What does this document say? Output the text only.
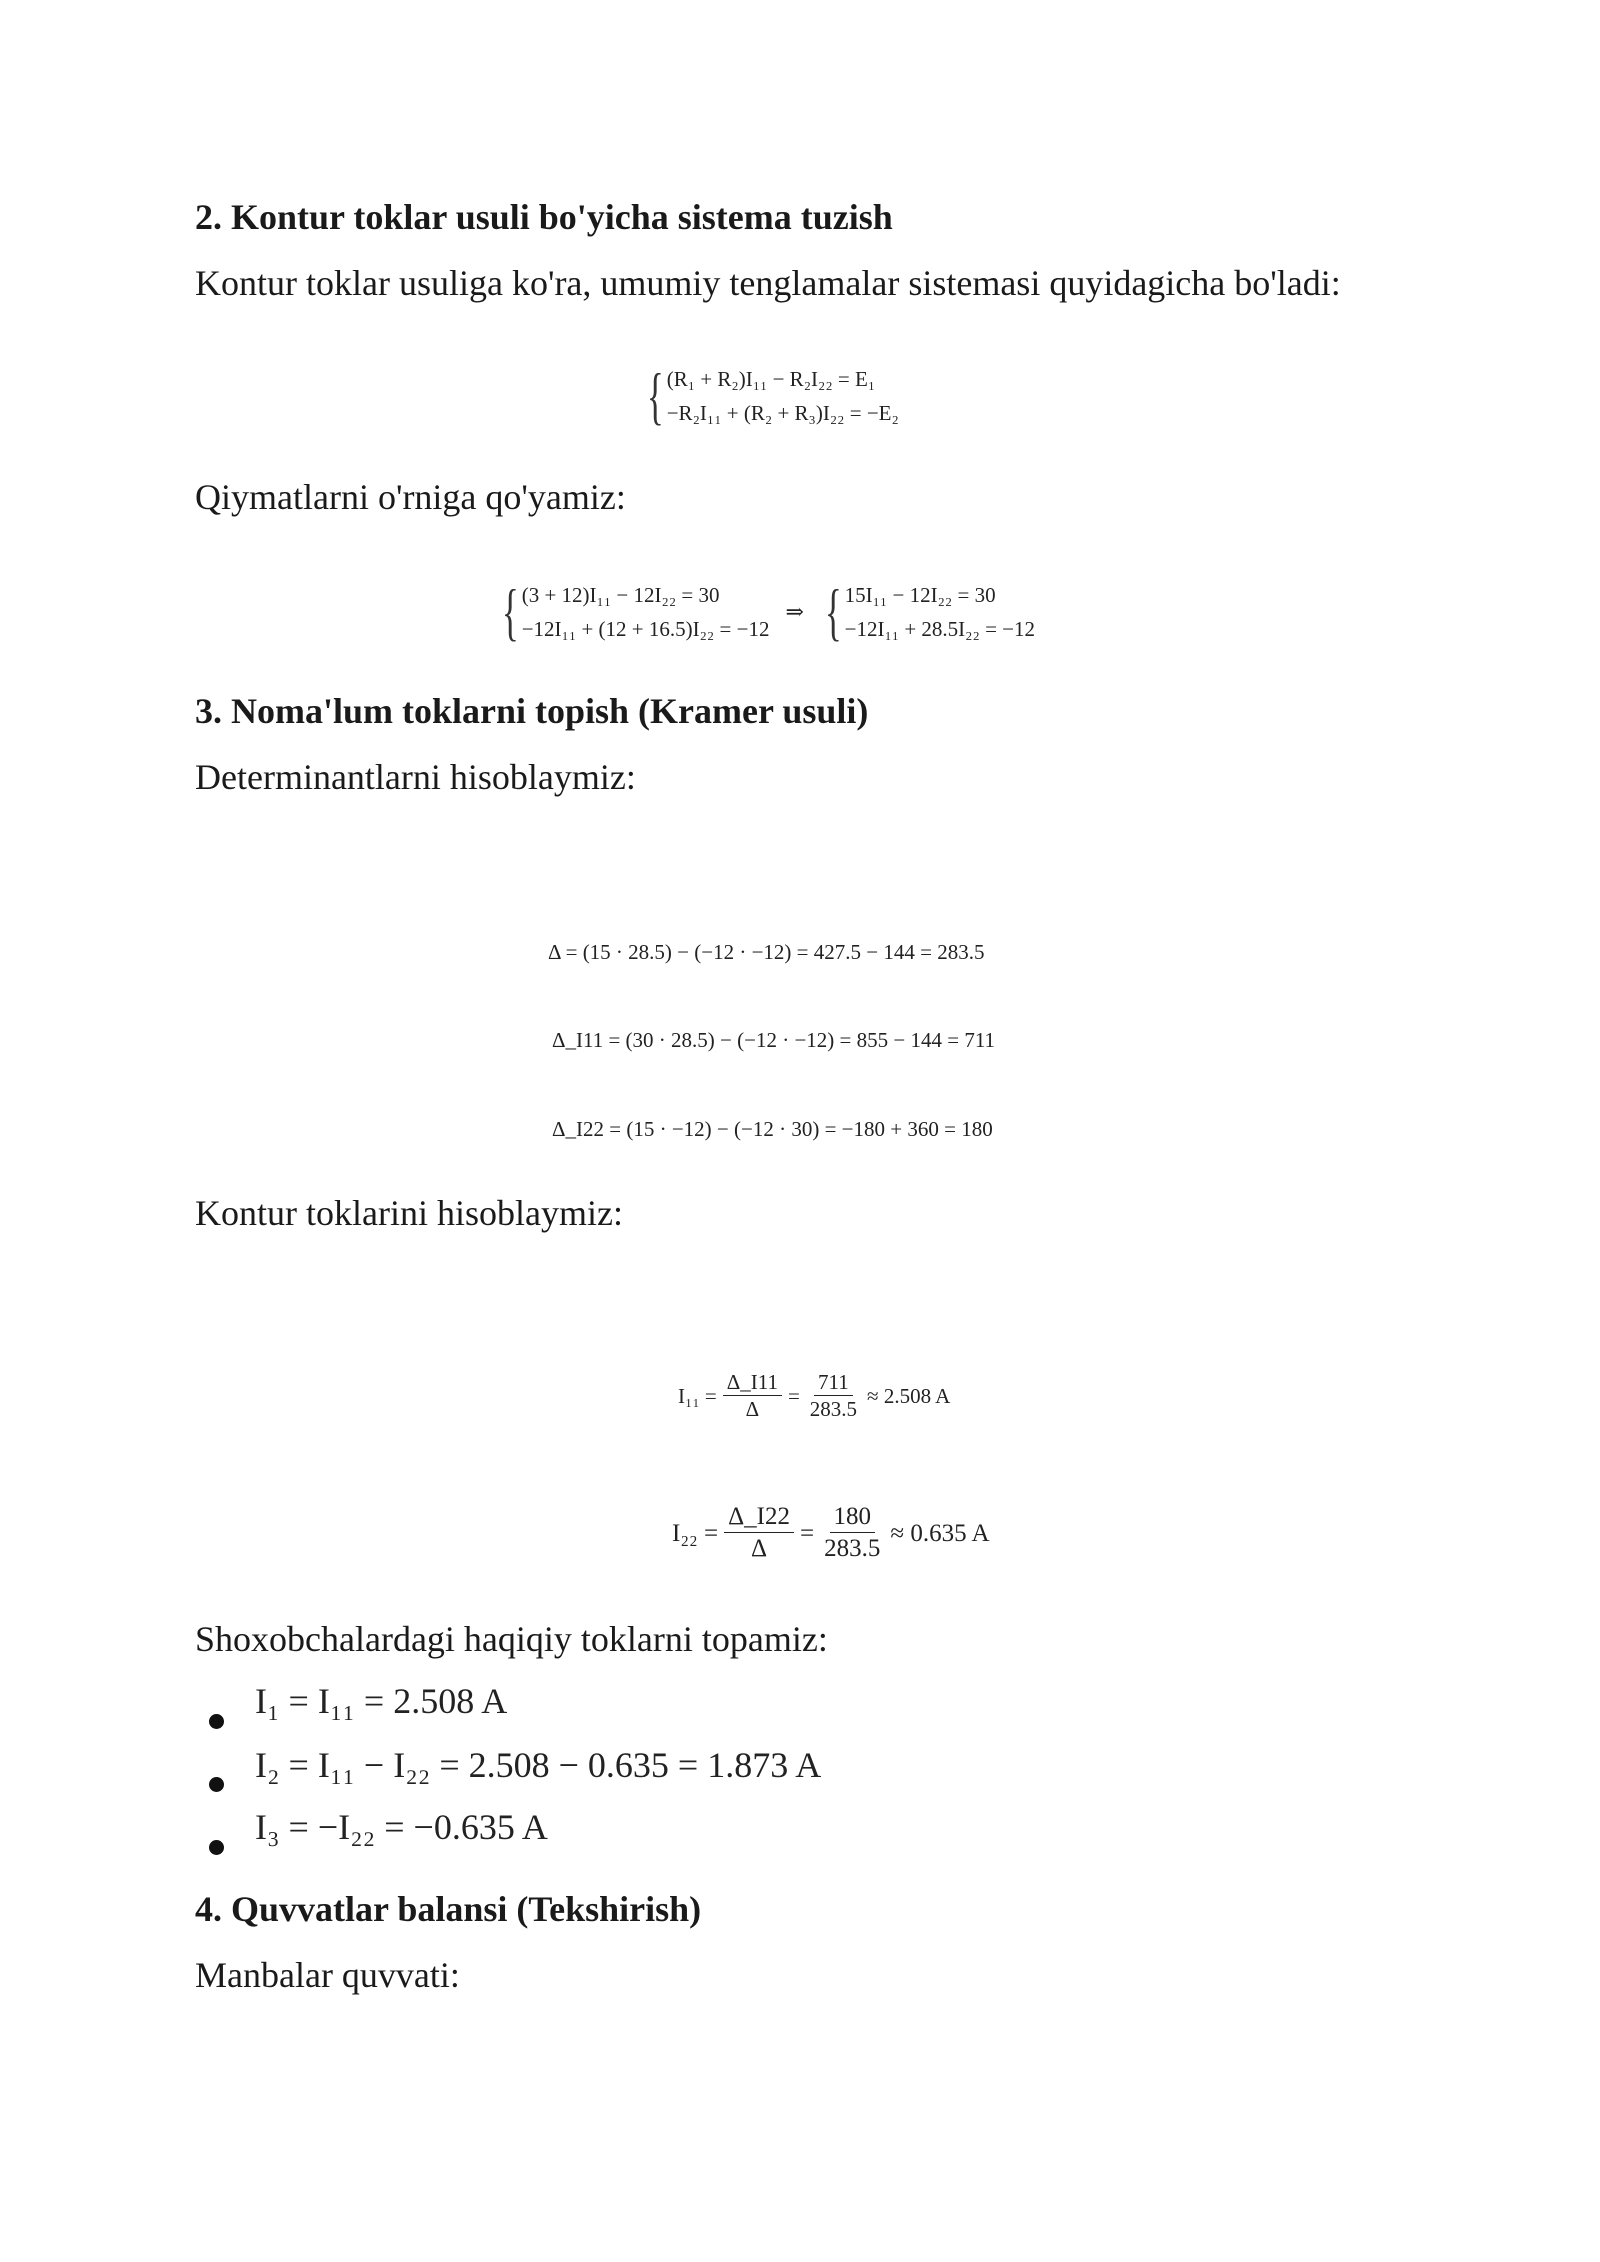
2. Kontur toklar usuli bo'yicha sistema tuzish
Kontur toklar usuliga ko'ra, umumiy tenglamalar sistemasi quyidagicha bo'ladi:
{ (R₁ + R₂)I₁₁ − R₂I₂₂ = E₁
−R₂I₁₁ + (R₂ + R₃)I₂₂ = −E₂
Qiymatlarni o'rniga qo'yamiz:
{ (3 + 12)I₁₁ − 12I₂₂ = 30
−12I₁₁ + (12 + 16.5)I₂₂ = −12
⇒ { 15I₁₁ − 12I₂₂ = 30
−12I₁₁ + 28.5I₂₂ = −12
3. Noma'lum toklarni topish (Kramer usuli)
Determinantlarni hisoblaymiz:
Δ = (15 · 28.5) − (−12 · −12) = 427.5 − 144 = 283.5
Δ_I11 = (30 · 28.5) − (−12 · −12) = 855 − 144 = 711
Δ_I22 = (15 · −12) − (−12 · 30) = −180 + 360 = 180
Kontur toklarini hisoblaymiz:
$I_{11} = \frac{\Delta\_I11}{\Delta} = \frac{711}{283.5} \approx 2.508$ A
$I_{22} = \frac{\Delta\_I22}{\Delta} = \frac{180}{283.5} \approx 0.635$ A
Shoxobchalardagi haqiqiy toklarni topamiz:
I₁ = I₁₁ = 2.508 A
I₂ = I₁₁ − I₂₂ = 2.508 − 0.635 = 1.873 A
I₃ = −I₂₂ = −0.635 A
4. Quvvatlar balansi (Tekshirish)
Manbalar quvvati:
